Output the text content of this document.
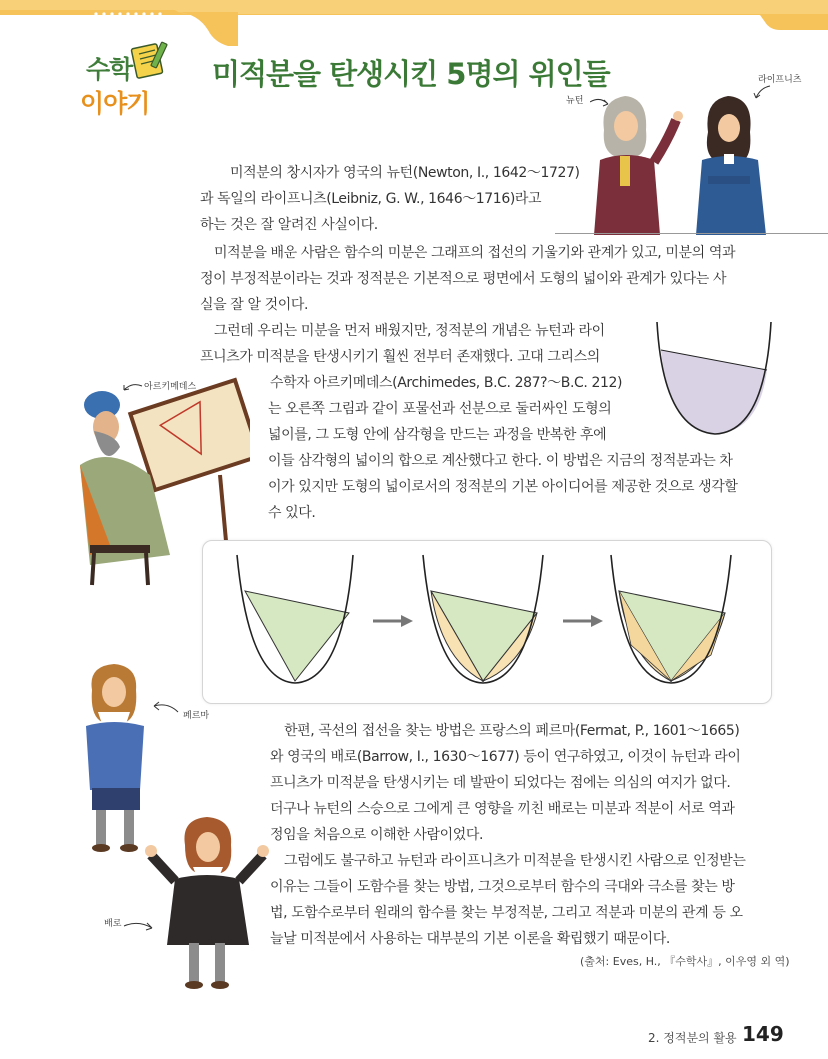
수학
이야기
미적분을 탄생시킨 5명의 위인들
뉴턴
라이프니츠
미적분의 창시자가 영국의 뉴턴(Newton, I., 1642～1727)
과 독일의 라이프니츠(Leibniz, G. W., 1646～1716)라고
하는 것은 잘 알려진 사실이다.
미적분을 배운 사람은 함수의 미분은 그래프의 접선의 기울기와 관계가 있고, 미분의 역과
정이 부정적분이라는 것과 정적분은 기본적으로 평면에서 도형의 넓이와 관계가 있다는 사
실을 잘 알 것이다.
그런데 우리는 미분을 먼저 배웠지만, 정적분의 개념은 뉴턴과 라이
프니츠가 미적분을 탄생시키기 훨씬 전부터 존재했다. 고대 그리스의
수학자 아르키메데스(Archimedes, B.C. 287?～B.C. 212)
는 오른쪽 그림과 같이 포물선과 선분으로 둘러싸인 도형의
넓이를, 그 도형 안에 삼각형을 만드는 과정을 반복한 후에
이들 삼각형의 넓이의 합으로 계산했다고 한다. 이 방법은 지금의 정적분과는 차
이가 있지만 도형의 넓이로서의 정적분의 기본 아이디어를 제공한 것으로 생각할
수 있다.
아르키메데스
페르마
배로
한편, 곡선의 접선을 찾는 방법은 프랑스의 페르마(Fermat, P., 1601～1665)
와 영국의 배로(Barrow, I., 1630～1677) 등이 연구하였고, 이것이 뉴턴과 라이
프니츠가 미적분을 탄생시키는 데 발판이 되었다는 점에는 의심의 여지가 없다.
더구나 뉴턴의 스승으로 그에게 큰 영향을 끼친 배로는 미분과 적분이 서로 역과
정임을 처음으로 이해한 사람이었다.
그럼에도 불구하고 뉴턴과 라이프니츠가 미적분을 탄생시킨 사람으로 인정받는
이유는 그들이 도함수를 찾는 방법, 그것으로부터 함수의 극대와 극소를 찾는 방
법, 도함수로부터 원래의 함수를 찾는 부정적분, 그리고 적분과 미분의 관계 등 오
늘날 미적분에서 사용하는 대부분의 기본 이론을 확립했기 때문이다.
(출처: Eves, H., 『수학사』, 이우영 외 역)
2. 정적분의 활용 149
